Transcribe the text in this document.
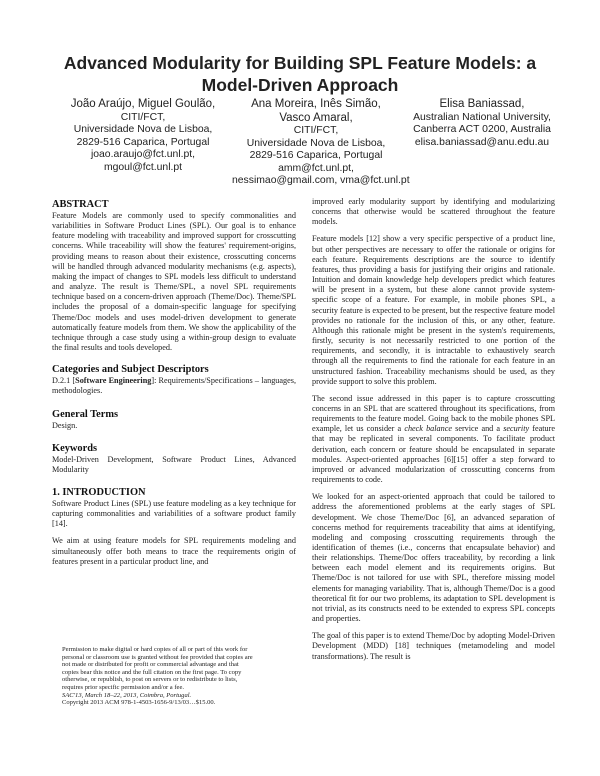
Advanced Modularity for Building SPL Feature Models: a
Model-Driven Approach
João Araújo, Miguel Goulão,
CITI/FCT,
Universidade Nova de Lisboa,
2829-516 Caparica, Portugal
joao.araujo@fct.unl.pt,
mgoul@fct.unl.pt
Ana Moreira, Inês Simão,
Vasco Amaral,
CITI/FCT,
Universidade Nova de Lisboa,
2829-516 Caparica, Portugal
amm@fct.unl.pt,
nessimao@gmail.com, vma@fct.unl.pt
Elisa Baniassad,
Australian National University,
Canberra ACT 0200, Australia
elisa.baniassad@anu.edu.au
ABSTRACT

Feature Models are commonly used to specify commonalities and variabilities in Software Product Lines (SPL). Our goal is to enhance feature modeling with traceability and improved support for crosscutting concerns. While traceability will show the features' requirement-origins, providing means to reason about their existence, crosscutting concerns will be handled through advanced modularity mechanisms (e.g. aspects), making the impact of changes to SPL models less difficult to understand and analyze. The result is Theme/SPL, a novel SPL requirements technique based on a concern-driven approach (Theme/Doc). Theme/SPL includes the proposal of a domain-specific language for specifying Theme/Doc models and uses model-driven development to generate automatically feature models from them. We show the applicability of the technique through a case study using a within-group design to evaluate the final results and tools developed.

Categories and Subject Descriptors

D.2.1 [Software Engineering]: Requirements/Specifications – languages, methodologies.

General Terms

Design.

Keywords

Model-Driven Development, Software Product Lines, Advanced Modularity

1. INTRODUCTION

Software Product Lines (SPL) use feature modeling as a key technique for capturing commonalities and variabilities of a software product family [14].

We aim at using feature models for SPL requirements modeling and simultaneously offer both means to trace the requirements origin of features present in a particular product line, and

Permission to make digital or hard copies of all or part of this work for
personal or classroom use is granted without fee provided that copies are
not made or distributed for profit or commercial advantage and that
copies bear this notice and the full citation on the first page. To copy
otherwise, or republish, to post on servers or to redistribute to lists,
requires prior specific permission and/or a fee.
SAC'13, March 18–22, 2013, Coimbra, Portugal.
Copyright 2013 ACM 978-1-4503-1656-9/13/03…$15.00.

improved early modularity support by identifying and modularizing concerns that otherwise would be scattered throughout the feature models.

Feature models [12] show a very specific perspective of a product line, but other perspectives are necessary to offer the rationale or origins for each feature. Requirements descriptions are the source to identify features, thus providing a basis for justifying their origins and rationale. Intuition and domain knowledge help developers predict which features will be present in a system, but these alone cannot provide system-specific scope of a feature. For example, in mobile phones SPL, a security feature is expected to be present, but the respective feature model provides no rationale for the inclusion of this, or any other, feature. Although this rationale might be present in the system's requirements, firstly, security is not necessarily restricted to one portion of the requirements, and secondly, it is intractable to exhaustively search through all the requirements to find the rationale for each feature in an unstructured fashion. Traceability mechanisms should be used, as they provide support to solve this problem.

The second issue addressed in this paper is to capture crosscutting concerns in an SPL that are scattered throughout its specifications, from requirements to the feature model. Going back to the mobile phones SPL example, let us consider a check balance service and a security feature that may be replicated in several components. To facilitate product derivation, each concern or feature should be encapsulated in separate modules. Aspect-oriented approaches [6][15] offer a step forward to improved or advanced modularization of crosscutting concerns from requirements to code.

We looked for an aspect-oriented approach that could be tailored to address the aforementioned problems at the early stages of SPL development. We chose Theme/Doc [6], an advanced separation of concerns method for requirements traceability that aims at identifying, modeling and composing crosscutting requirements through the identification of themes (i.e., concerns that encapsulate behavior) and their relationships. Theme/Doc offers traceability, by recording a link between each model element and its requirements origins. But Theme/Doc is not tailored for use with SPL, therefore missing model elements for managing variability. That is, although Theme/Doc is a good theoretical fit for our two problems, its adaptation to SPL development is not trivial, as its constructs need to be extended to express SPL concepts and properties.

The goal of this paper is to extend Theme/Doc by adopting Model-Driven Development (MDD) [18] techniques (metamodeling and model transformations). The result is
